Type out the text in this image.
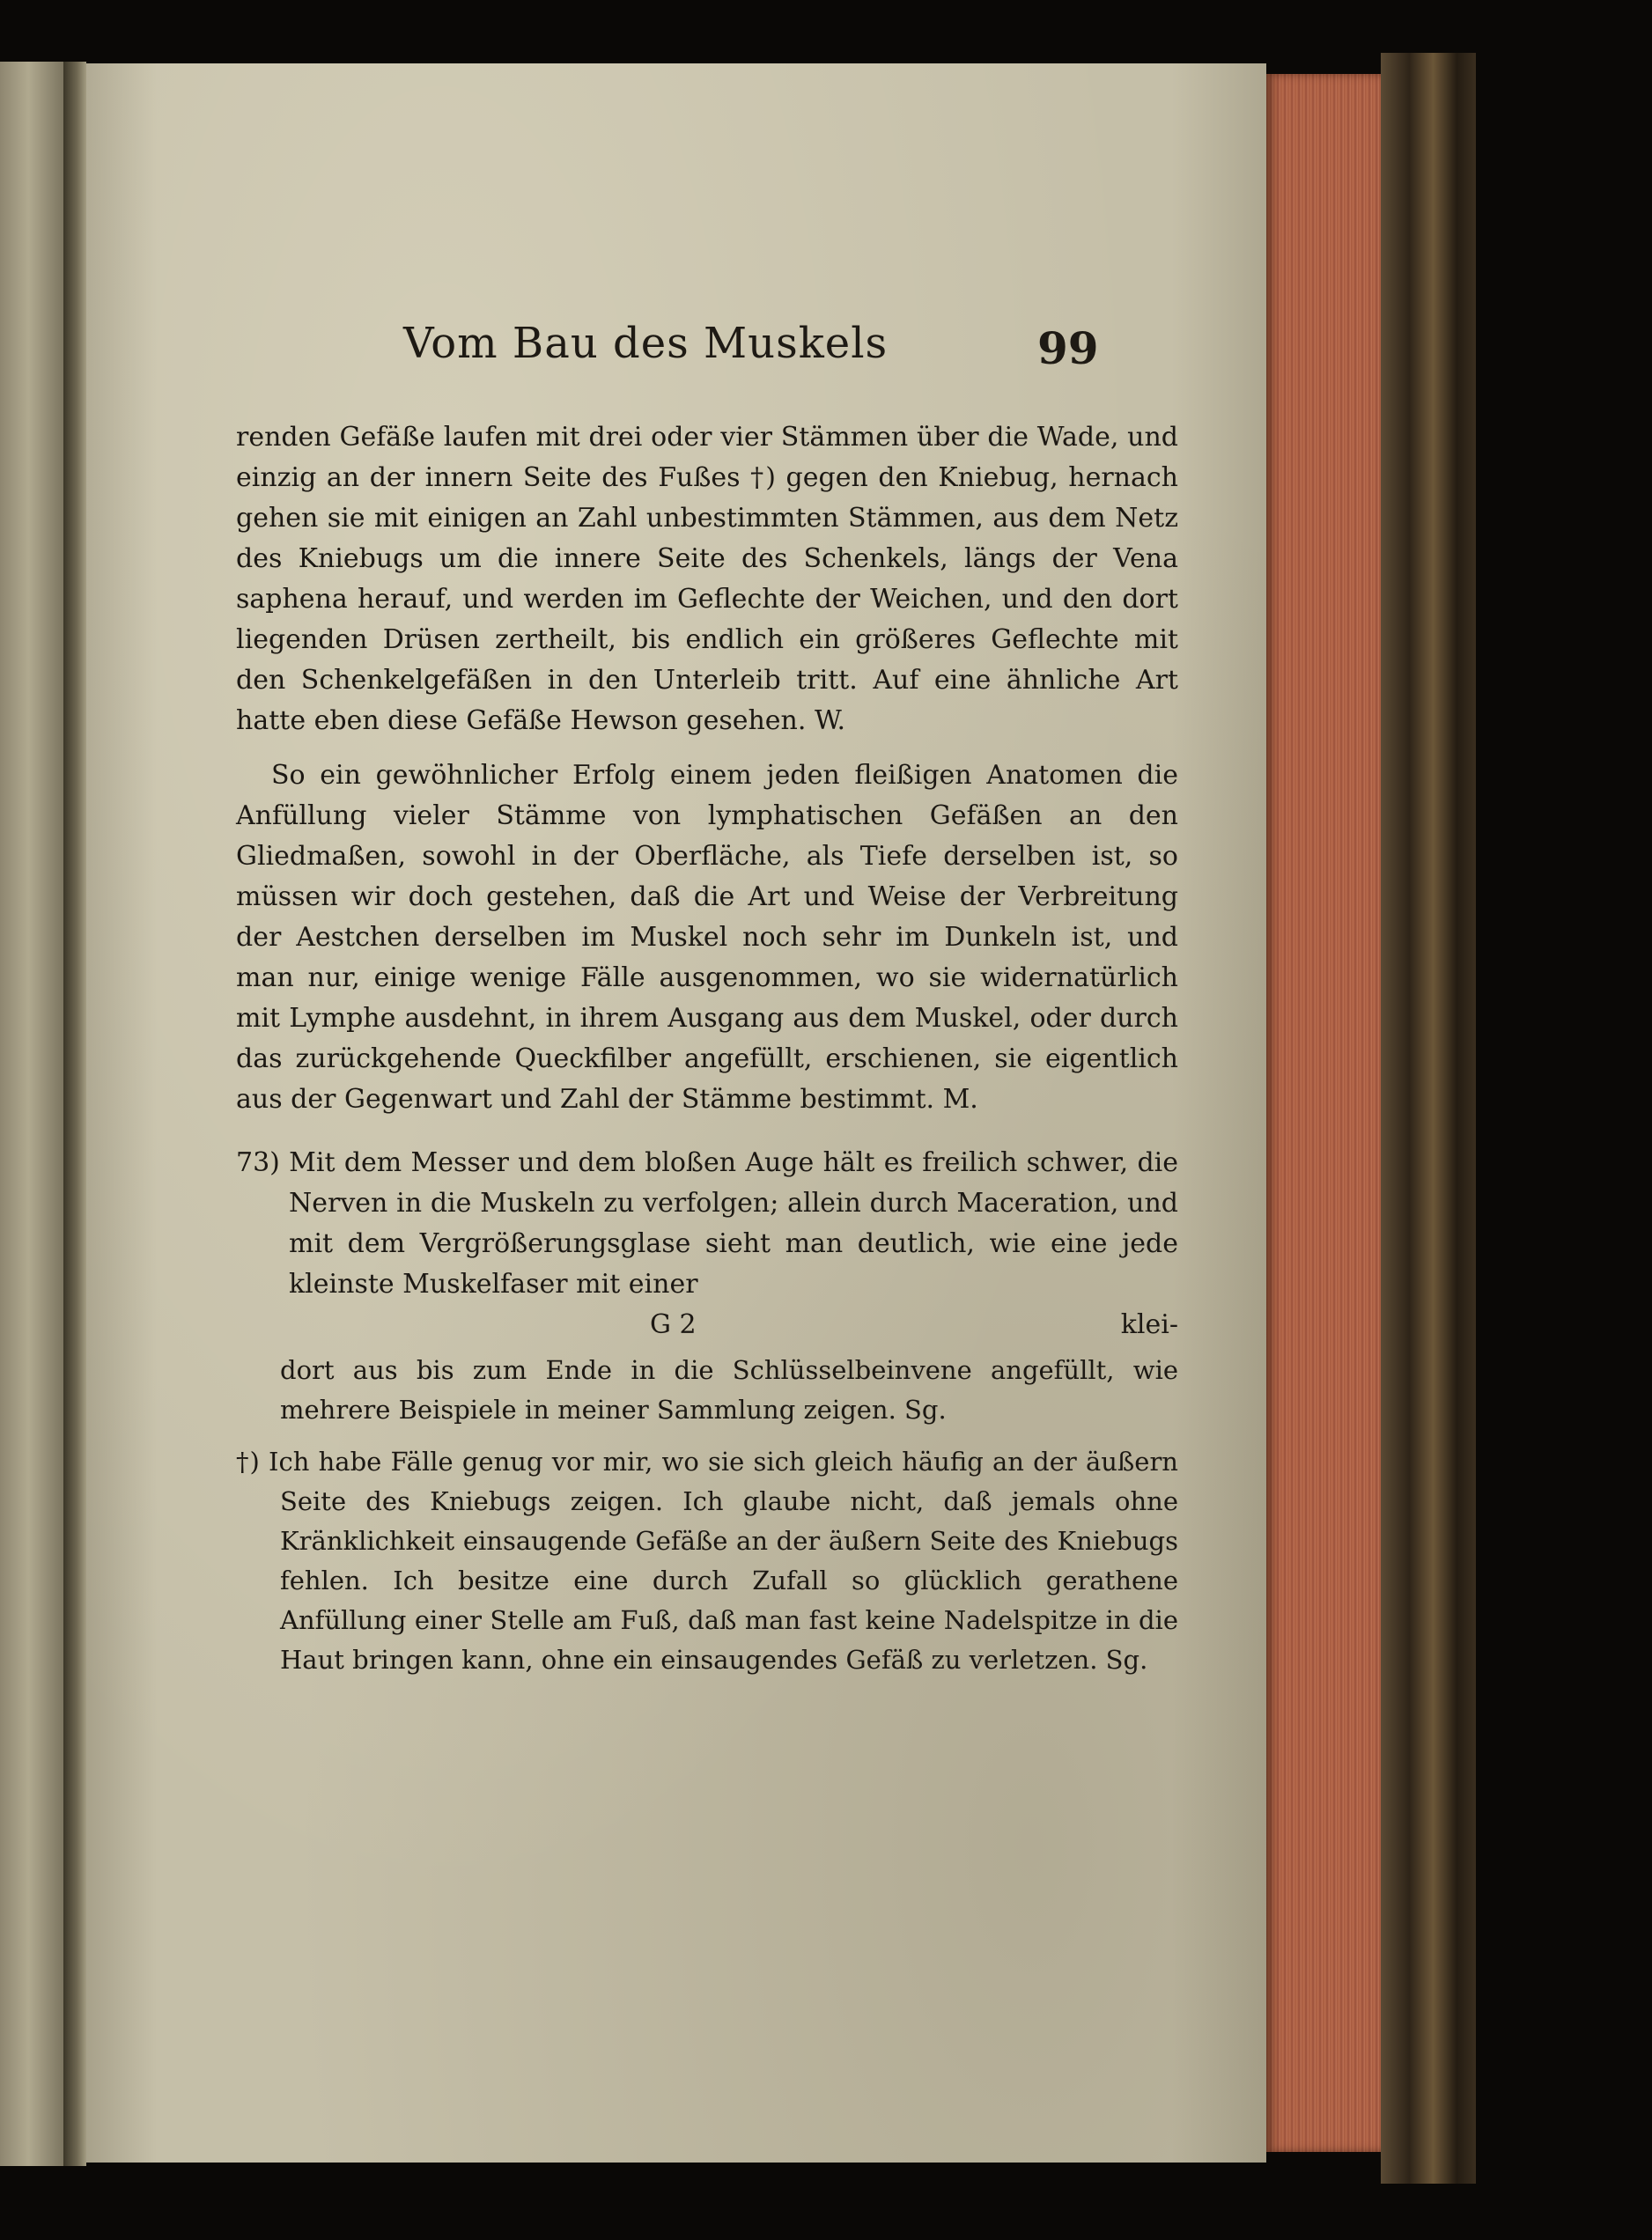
Vom Bau des Muskels	99

renden Gefäße laufen mit drei oder vier Stämmen über die Wade, und einzig an der innern Seite des Fußes †) gegen den Kniebug, hernach gehen sie mit einigen an Zahl unbestimmten Stämmen, aus dem Netz des Kniebugs um die innere Seite des Schenkels, längs der Vena saphena herauf, und werden im Geflechte der Weichen, und den dort liegenden Drüsen zertheilt, bis endlich ein größeres Geflechte mit den Schenkelgefäßen in den Unterleib tritt. Auf eine ähnliche Art hatte eben diese Gefäße Hewson gesehen. W.

So ein gewöhnlicher Erfolg einem jeden fleißigen Anatomen die Anfüllung vieler Stämme von lymphatischen Gefäßen an den Gliedmaßen, sowohl in der Oberfläche, als Tiefe derselben ist, so müssen wir doch gestehen, daß die Art und Weise der Verbreitung der Aestchen derselben im Muskel noch sehr im Dunkeln ist, und man nur, einige wenige Fälle ausgenommen, wo sie widernatürlich mit Lymphe ausdehnt, in ihrem Ausgang aus dem Muskel, oder durch das zurückgehende Queckfilber angefüllt, erschienen, sie eigentlich aus der Gegenwart und Zahl der Stämme bestimmt. M.

73) Mit dem Messer und dem bloßen Auge hält es freilich schwer, die Nerven in die Muskeln zu verfolgen; allein durch Maceration, und mit dem Vergrößerungsglase sieht man deutlich, wie eine jede kleinste Muskelfaser mit einer

G 2	klei-

dort aus bis zum Ende in die Schlüsselbeinvene angefüllt, wie mehrere Beispiele in meiner Sammlung zeigen. Sg.

†) Ich habe Fälle genug vor mir, wo sie sich gleich häufig an der äußern Seite des Kniebugs zeigen. Ich glaube nicht, daß jemals ohne Kränklichkeit einsaugende Gefäße an der äußern Seite des Kniebugs fehlen. Ich besitze eine durch Zufall so glücklich gerathene Anfüllung einer Stelle am Fuß, daß man fast keine Nadelspitze in die Haut bringen kann, ohne ein einsaugendes Gefäß zu verletzen. Sg.
